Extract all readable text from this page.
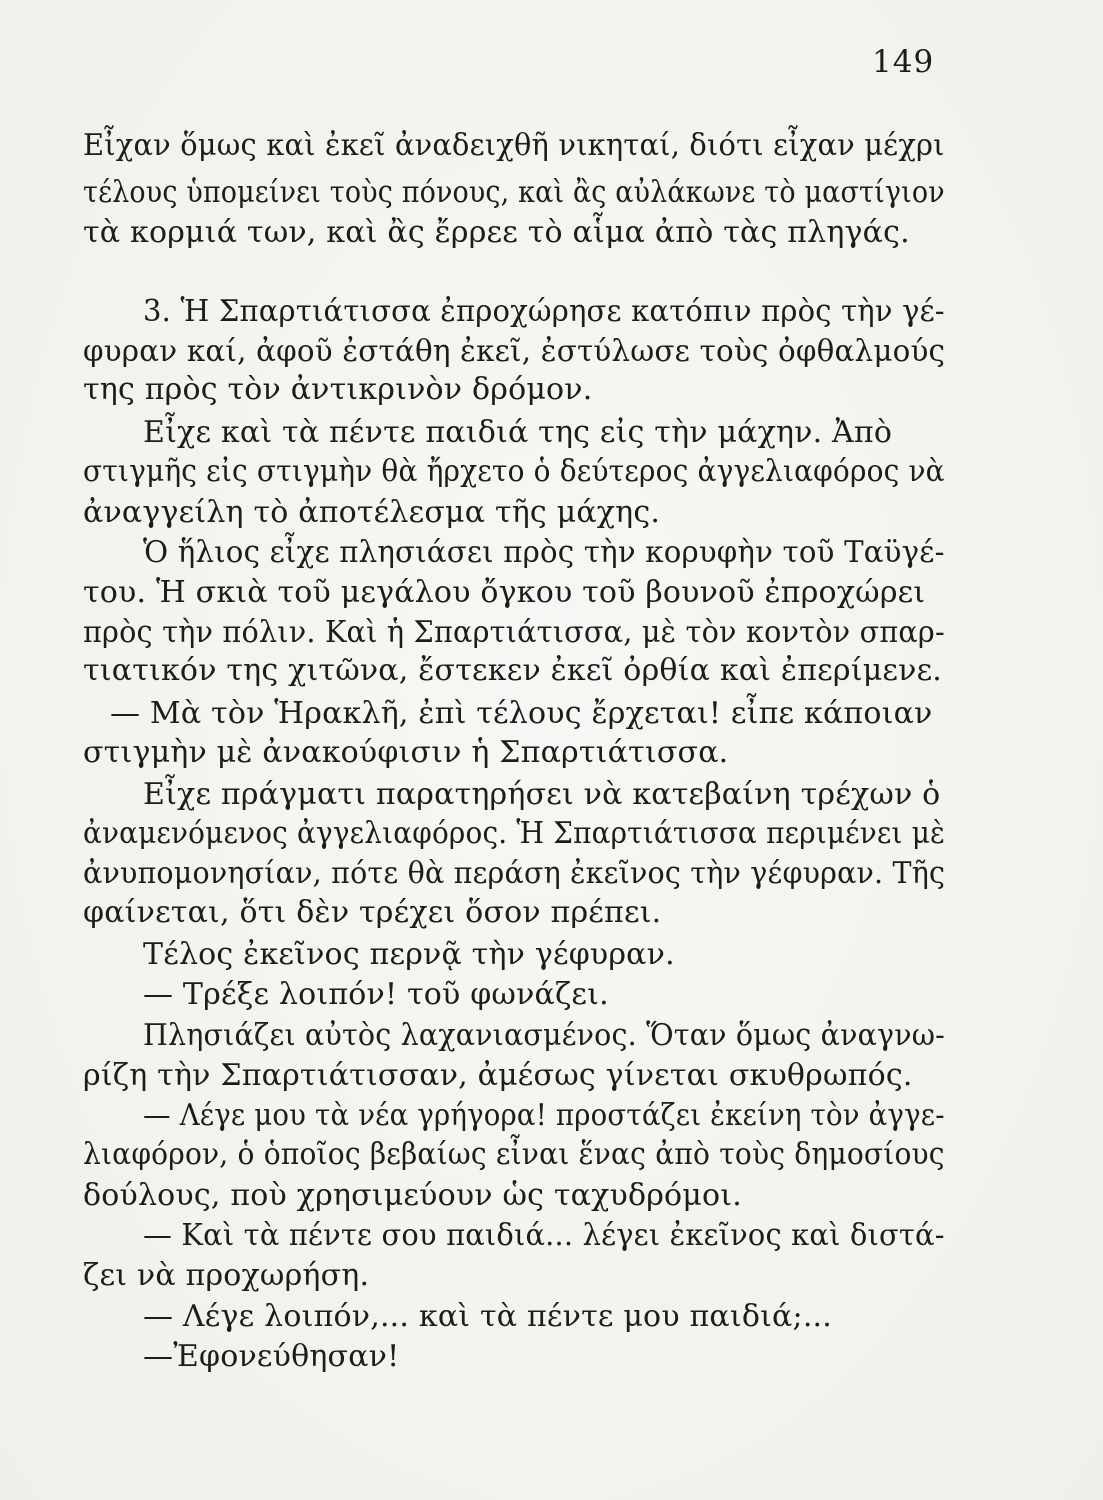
149
Εἶχαν ὅμως καὶ ἐκεῖ ἀναδειχθῆ νικηταί, διότι εἶχαν μέχρι
τέλους ὑπομείνει τοὺς πόνους, καὶ ἂς αὐλάκωνε τὸ μαστίγιον
τὰ κορμιά των, καὶ ἂς ἔρρεε τὸ αἷμα ἀπὸ τὰς πληγάς.
3. Ἡ Σπαρτιάτισσα ἐπροχώρησε κατόπιν πρὸς τὴν γέ-
φυραν καί, ἀφοῦ ἐστάθη ἐκεῖ, ἐστύλωσε τοὺς ὀφθαλμούς
της πρὸς τὸν ἀντικρινὸν δρόμον.
Εἶχε καὶ τὰ πέντε παιδιά της εἰς τὴν μάχην. Ἀπὸ
στιγμῆς εἰς στιγμὴν θὰ ἤρχετο ὁ δεύτερος ἀγγελιαφόρος νὰ
ἀναγγείλη τὸ ἀποτέλεσμα τῆς μάχης.
Ὁ ἥλιος εἶχε πλησιάσει πρὸς τὴν κορυφὴν τοῦ Ταϋγέ-
του. Ἡ σκιὰ τοῦ μεγάλου ὄγκου τοῦ βουνοῦ ἐπροχώρει
πρὸς τὴν πόλιν. Καὶ ἡ Σπαρτιάτισσα, μὲ τὸν κοντὸν σπαρ-
τιατικόν της χιτῶνα, ἔστεκεν ἐκεῖ ὀρθία καὶ ἐπερίμενε.
— Μὰ τὸν Ἡρακλῆ, ἐπὶ τέλους ἔρχεται! εἶπε κάποιαν
στιγμὴν μὲ ἀνακούφισιν ἡ Σπαρτιάτισσα.
Εἶχε πράγματι παρατηρήσει νὰ κατεβαίνη τρέχων ὁ
ἀναμενόμενος ἀγγελιαφόρος. Ἡ Σπαρτιάτισσα περιμένει μὲ
ἀνυπομονησίαν, πότε θὰ περάση ἐκεῖνος τὴν γέφυραν. Τῆς
φαίνεται, ὅτι δὲν τρέχει ὅσον πρέπει.
Τέλος ἐκεῖνος περνᾷ τὴν γέφυραν.
— Τρέξε λοιπόν! τοῦ φωνάζει.
Πλησιάζει αὐτὸς λαχανιασμένος. Ὅταν ὅμως ἀναγνω-
ρίζη τὴν Σπαρτιάτισσαν, ἀμέσως γίνεται σκυθρωπός.
— Λέγε μου τὰ νέα γρήγορα! προστάζει ἐκείνη τὸν ἀγγε-
λιαφόρον, ὁ ὁποῖος βεβαίως εἶναι ἕνας ἀπὸ τοὺς δημοσίους
δούλους, ποὺ χρησιμεύουν ὡς ταχυδρόμοι.
— Καὶ τὰ πέντε σου παιδιά... λέγει ἐκεῖνος καὶ διστά-
ζει νὰ προχωρήση.
— Λέγε λοιπόν,... καὶ τὰ πέντε μου παιδιά;...
—Ἐφονεύθησαν!
